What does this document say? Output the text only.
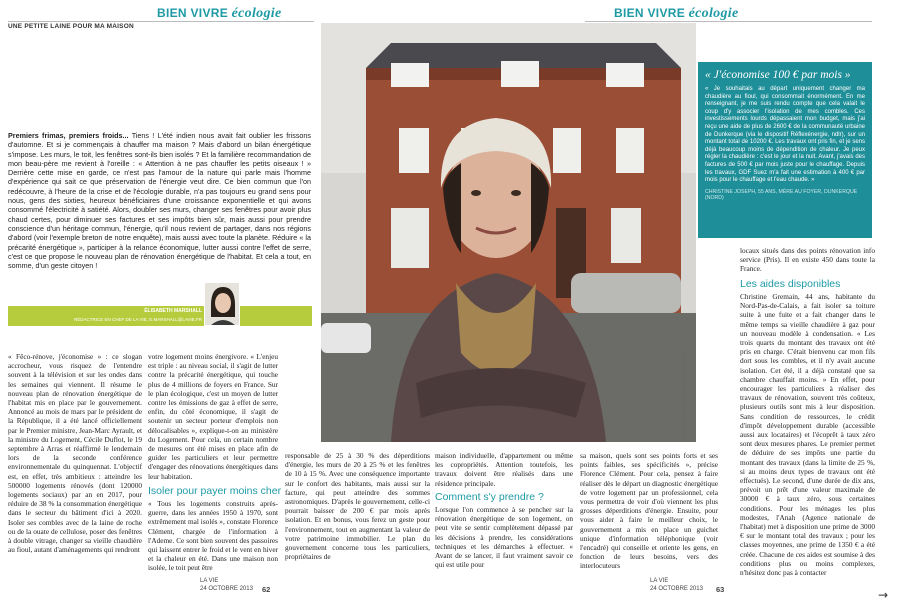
BIEN VIVRE écologie	BIEN VIVRE écologie
UNE PETITE LAINE POUR MA MAISON
Premiers frimas, premiers froids... Tiens ! L'été indien nous avait fait oublier les frissons d'automne. Et si je commençais à chauffer ma maison ? Mais d'abord un bilan énergétique s'impose. Les murs, le toit, les fenêtres sont-ils bien isolés ? Et la familière recommandation de mon beau-père me revient à l'oreille : « Attention à ne pas chauffer les petits oiseaux ! » Derrière cette mise en garde, ce n'est pas l'amour de la nature qui parle mais l'homme d'expérience qui sait ce que préservation de l'énergie veut dire. Ce bien commun que l'on redécouvre, à l'heure de la crise et de l'écologie durable, n'a pas toujours eu grand sens pour nous, gens des sixties, heureux bénéficiaires d'une croissance exponentielle et qui avons consommé l'électricité à satiété. Alors, doubler ses murs, changer ses fenêtres pour avoir plus chaud certes, pour diminuer ses factures et ses impôts bien sûr, mais aussi pour prendre conscience d'un héritage commun, l'énergie, qu'il nous revient de partager, dans nos régions d'abord (voir l'exemple breton de notre enquête), mais aussi avec toute la planète. Réduire « la précarité énergétique », participer à la relance économique, lutter aussi contre l'effet de serre, c'est ce que propose le nouveau plan de rénovation énergétique de l'habitat. Et cela a tout, en somme, d'un geste citoyen !
ÉLISABETH MARSHALL
RÉDACTRICE EN CHEF DE LA VIE, E.MARSHALL@LAVIE.FR
« Fêco-rénove, j'économise » : ce slogan accrocheur, vous risquez de l'entendre souvent à la télévision et sur les ondes dans les semaines qui viennent. Il résume le nouveau plan de rénovation énergétique de l'habitat mis en place par le gouvernement. Annoncé au mois de mars par le président de la République, il a été lancé officiellement par le Premier ministre, Jean-Marc Ayrault, et la ministre du Logement, Cécile Duflot, le 19 septembre à Arras et réaffirmé le lendemain lors de la seconde conférence environnementale du quinquennat. L'objectif est, en effet, très ambitieux : atteindre les 500000 logements rénovés (dont 120000 logements sociaux) par an en 2017, pour réduire de 38 % la consommation énergétique dans le secteur du bâtiment d'ici à 2020. Isoler ses combles avec de la laine de roche ou de la ouate de cellulose, poser des fenêtres à double vitrage, changer sa vieille chaudière au fioul, autant d'aménagements qui rendront
votre logement moins énergivore. « L'enjeu est triple : au niveau social, il s'agit de lutter contre la précarité énergétique, qui touche plus de 4 millions de foyers en France. Sur le plan écologique, c'est un moyen de lutter contre les émissions de gaz à effet de serre, enfin, du côté économique, il s'agit de soutenir un secteur porteur d'emplois non délocalisables », explique-t-on au ministère du Logement. Pour cela, un certain nombre de mesures ont été mises en place afin de guider les particuliers et leur permettre d'engager des rénovations énergétiques dans leur habitation.
Isoler pour payer moins cher
« Tous les logements construits après-guerre, dans les années 1950 à 1970, sont extrêmement mal isolés », constate Florence Clément, chargée de l'information à l'Ademe. Ce sont bien souvent des passoires qui laissent entrer le froid et le vent en hiver et la chaleur en été. Dans une maison non isolée, le toit peut être
responsable de 25 à 30 % des déperditions d'énergie, les murs de 20 à 25 % et les fenêtres de 10 à 15 %. Avec une conséquence importante sur le confort des habitants, mais aussi sur la facture, qui peut atteindre des sommes astronomiques. D'après le gouvernement, celle-ci pourrait baisser de 200 € par mois après isolation. Et en bonus, vous ferez un geste pour l'environnement, tout en augmentant la valeur de votre patrimoine immobilier. Le plan du gouvernement concerne tous les particuliers, propriétaires de
maison individuelle, d'appartement ou même les copropriétés. Attention toutefois, les travaux doivent être réalisés dans une résidence principale.
Comment s'y prendre ?
Lorsque l'on commence à se pencher sur la rénovation énergétique de son logement, on peut vite se sentir complètement dépassé par les décisions à prendre, les considérations techniques et les démarches à effectuer. « Avant de se lancer, il faut vraiment savoir ce qui est utile pour
sa maison, quels sont ses points forts et ses points faibles, ses spécificités », précise Florence Clément. Pour cela, pensez à faire réaliser dès le départ un diagnostic énergétique de votre logement par un professionnel, cela vous permettra de voir d'où viennent les plus grosses déperditions d'énergie. Ensuite, pour vous aider à faire le meilleur choix, le gouvernement a mis en place un guichet unique d'information téléphonique (voir l'encadré) qui conseille et oriente les gens, en fonction de leurs besoins, vers des interlocuteurs
locaux situés dans des points rénovation info service (Pris). Il en existe 450 dans toute la France.
Les aides disponibles
Christine Gremain, 44 ans, habitante du Nord-Pas-de-Calais, a fait isoler sa toiture suite à une fuite et a fait changer dans le même temps sa vieille chaudière à gaz pour un nouveau modèle à condensation. « Les trois quarts du montant des travaux ont été pris en charge. C'était bienvenu car mon fils dort sous les combles, et il n'y avait aucune isolation. Cet été, il a déjà constaté que sa chambre chauffait moins. » En effet, pour encourager les particuliers à réaliser des travaux de rénovation, souvent très coûteux, plusieurs outils sont mis à leur disposition. Sans condition de ressources, le crédit d'impôt développement durable (accessible aussi aux locataires) et l'écoprêt à taux zéro sont deux mesures phares. Le premier permet de déduire de ses impôts une partie du montant des travaux (dans la limite de 25 %, si au moins deux types de travaux ont été effectués). Le second, d'une durée de dix ans, prévoit un prêt d'une valeur maximale de 30000 € à taux zéro, sous certaines conditions. Pour les ménages les plus modestes, l'Anah (Agence nationale de l'habitat) met à disposition une prime de 3000 € sur le montant total des travaux ; pour les classes moyennes, une prime de 1350 € a été créée. Chacune de ces aides est soumise à des conditions plus ou moins complexes, n'hésitez donc pas à contacter
XAVIER LEMORIN / DIVERGENCE POUR LA VIE
« J'économise 100 € par mois »
« Je souhaitais au départ uniquement changer ma chaudière au fioul, qui consommait énormément. En me renseignant, je me suis rendu compte que cela valait le coup d'y associer l'isolation de mes combles. Ces investissements lourds dépassaient mon budget, mais j'ai reçu une aide de plus de 2600 € de la communauté urbaine de Dunkerque (via le dispositif Réflexénergie, ndlr), sur un montant total de 10200 €. Les travaux ont pris fin, et je sens déjà beaucoup moins de dépendition de chaleur. Je peux régler la chaudière : c'est le jour et la nuit. Avant, j'avais des factures de 500 € par mois juste pour le chauffage. Depuis les travaux, GDF Suez m'a fait une estimation à 400 € par mois pour le chauffage et l'eau chaude. »
CHRISTINE JOSEPH, 55 ANS, MÈRE AU FOYER, DUNKERQUE (NORD)
LA VIE
24 OCTOBRE 2013 62
LA VIE
24 OCTOBRE 2013 63	→
